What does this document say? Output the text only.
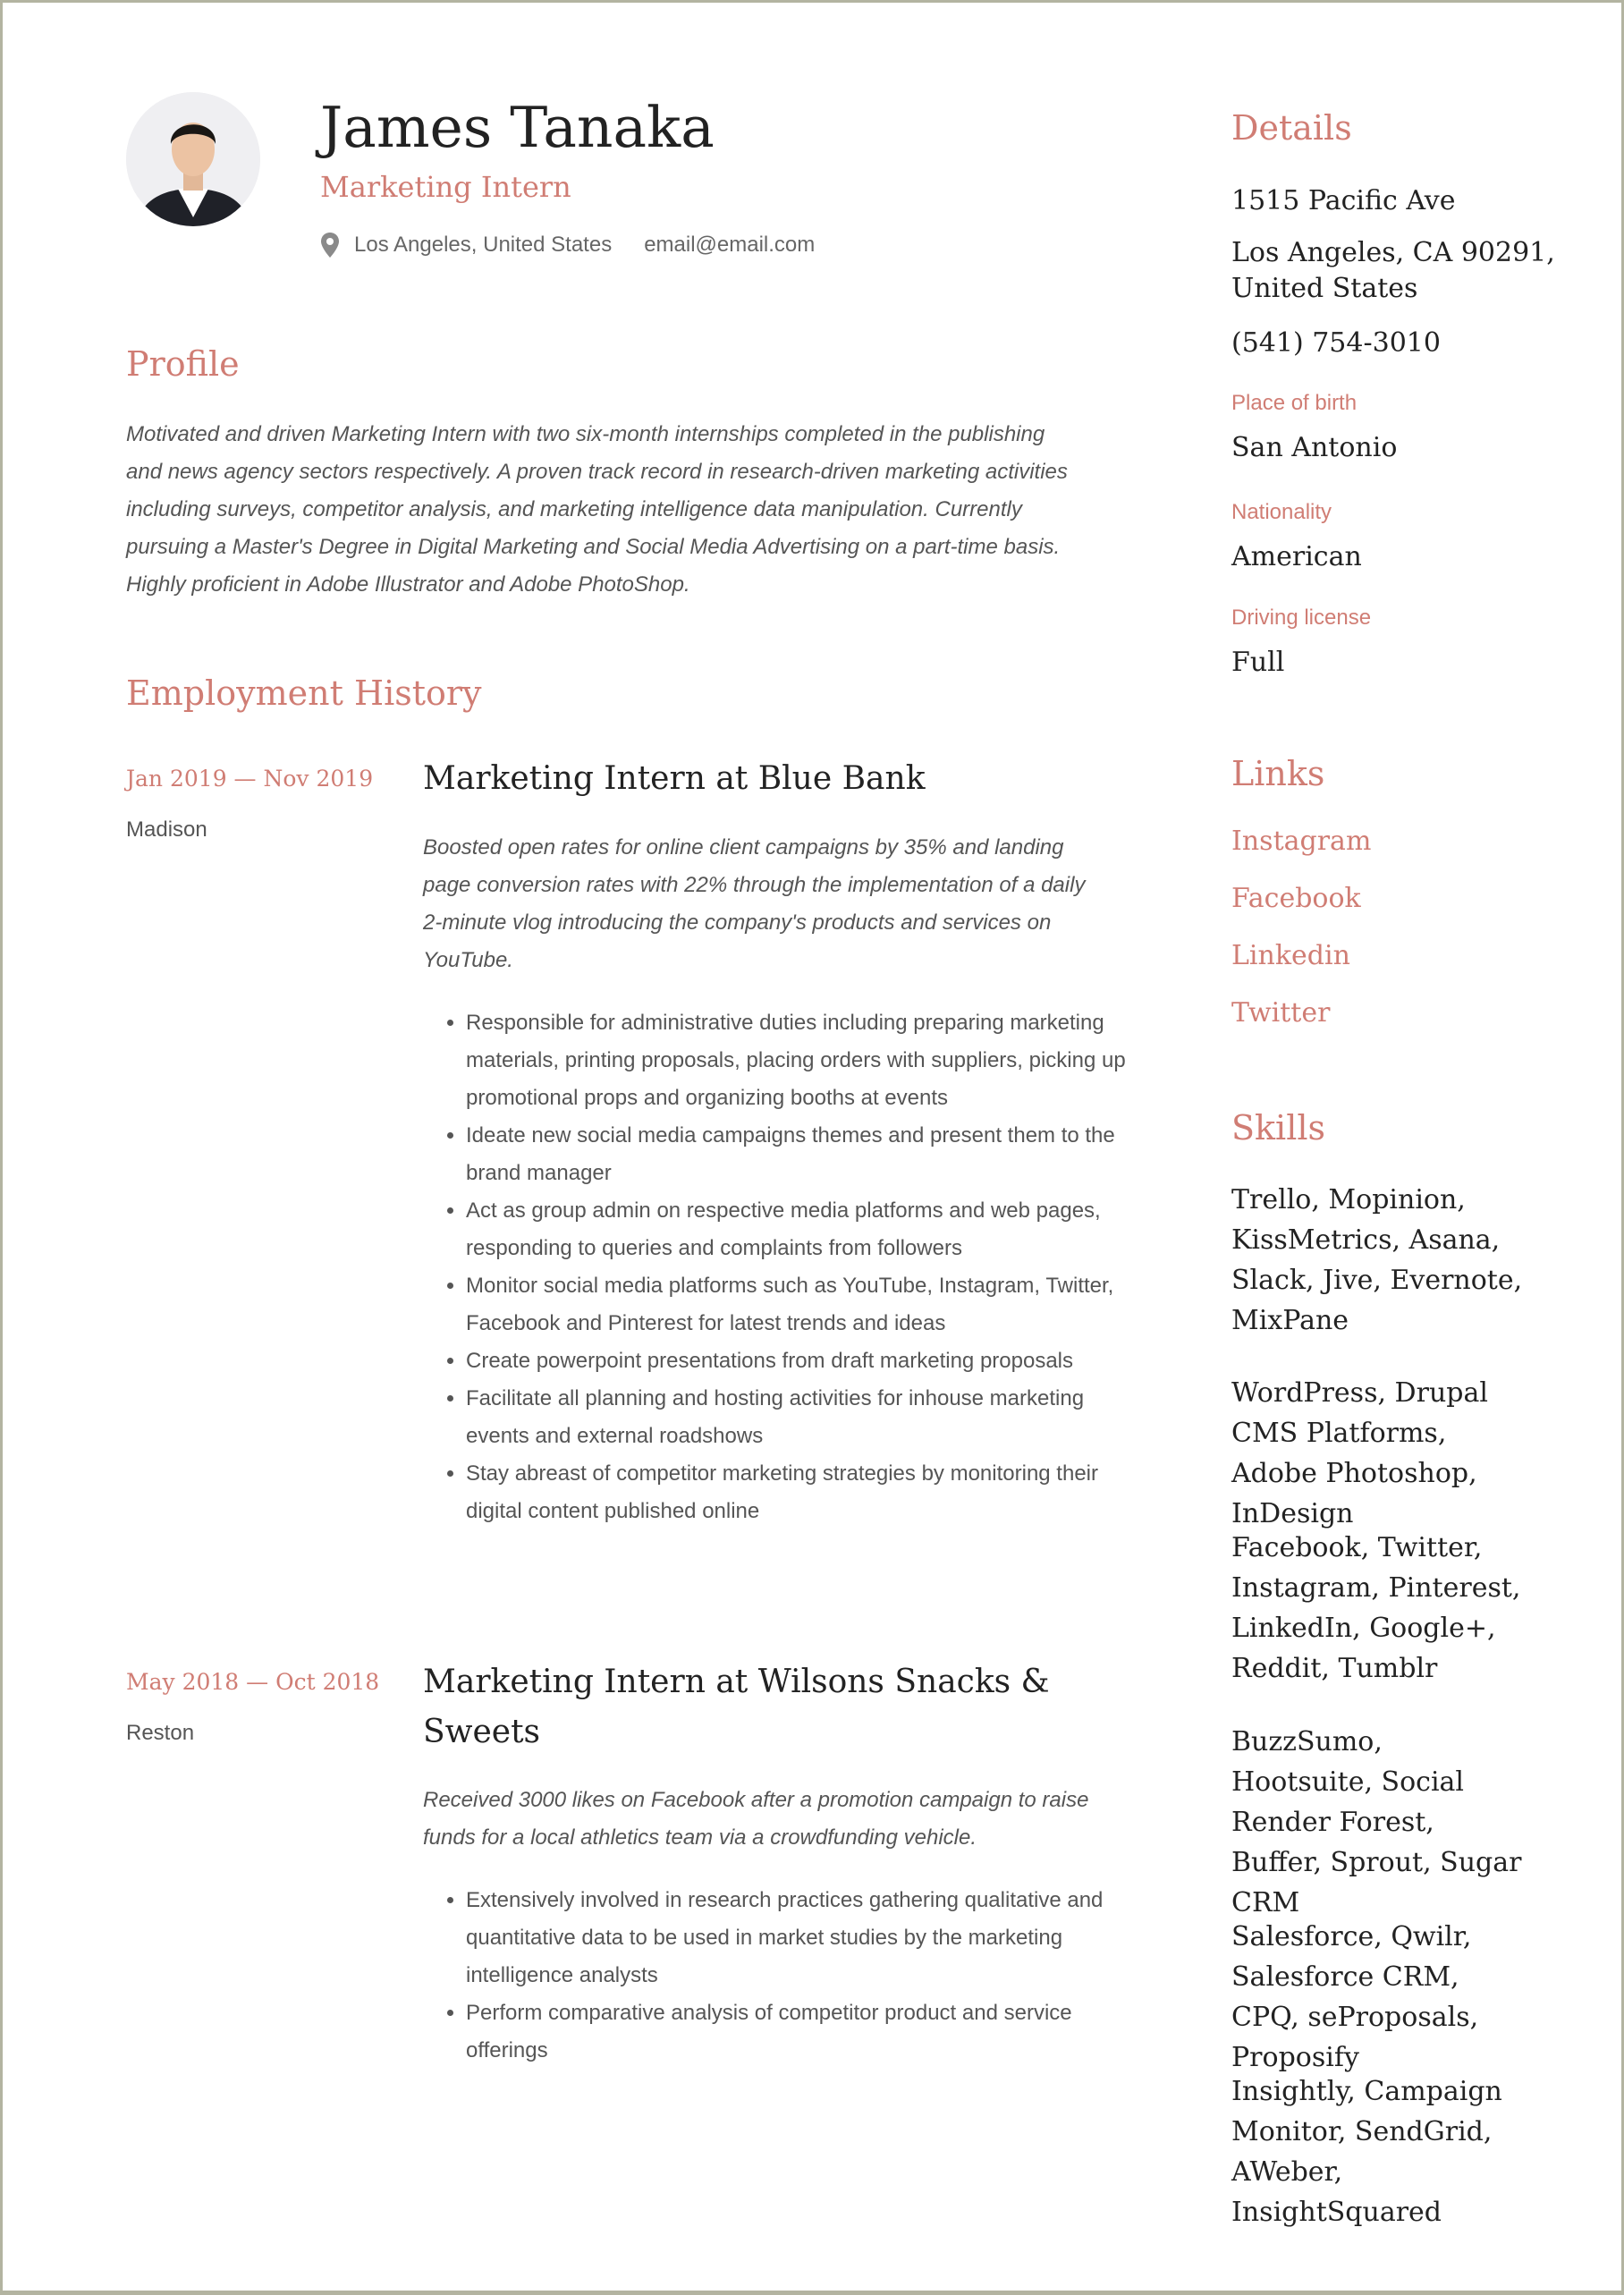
James Tanaka
Marketing Intern
Los Angeles, United States email@email.com
Profile
Motivated and driven Marketing Intern with two six-month internships completed in the publishing and news agency sectors respectively. A proven track record in research-driven marketing activities including surveys, competitor analysis, and marketing intelligence data manipulation. Currently pursuing a Master's Degree in Digital Marketing and Social Media Advertising on a part-time basis. Highly proficient in Adobe Illustrator and Adobe PhotoShop.
Employment History
Jan 2019 — Nov 2019
Madison
Marketing Intern at Blue Bank
Boosted open rates for online client campaigns by 35% and landing page conversion rates with 22% through the implementation of a daily 2-minute vlog introducing the company's products and services on YouTube.
• Responsible for administrative duties including preparing marketing materials, printing proposals, placing orders with suppliers, picking up promotional props and organizing booths at events
• Ideate new social media campaigns themes and present them to the brand manager
• Act as group admin on respective media platforms and web pages, responding to queries and complaints from followers
• Monitor social media platforms such as YouTube, Instagram, Twitter, Facebook and Pinterest for latest trends and ideas
• Create powerpoint presentations from draft marketing proposals
• Facilitate all planning and hosting activities for inhouse marketing events and external roadshows
• Stay abreast of competitor marketing strategies by monitoring their digital content published online
May 2018 — Oct 2018
Reston
Marketing Intern at Wilsons Snacks & Sweets
Received 3000 likes on Facebook after a promotion campaign to raise funds for a local athletics team via a crowdfunding vehicle.
• Extensively involved in research practices gathering qualitative and quantitative data to be used in market studies by the marketing intelligence analysts
• Perform comparative analysis of competitor product and service offerings
Details
1515 Pacific Ave
Los Angeles, CA 90291, United States
(541) 754-3010
Place of birth
San Antonio
Nationality
American
Driving license
Full
Links
Instagram
Facebook
Linkedin
Twitter
Skills
Trello, Mopinion, KissMetrics, Asana, Slack, Jive, Evernote, MixPane
WordPress, Drupal CMS Platforms, Adobe Photoshop, InDesign
Facebook, Twitter, Instagram, Pinterest, LinkedIn, Google+, Reddit, Tumblr
BuzzSumo, Hootsuite, Social Render Forest, Buffer, Sprout, Sugar CRM
Salesforce, Qwilr, Salesforce CRM, CPQ, seProposals, Proposify
Insightly, Campaign Monitor, SendGrid, AWeber, InsightSquared
